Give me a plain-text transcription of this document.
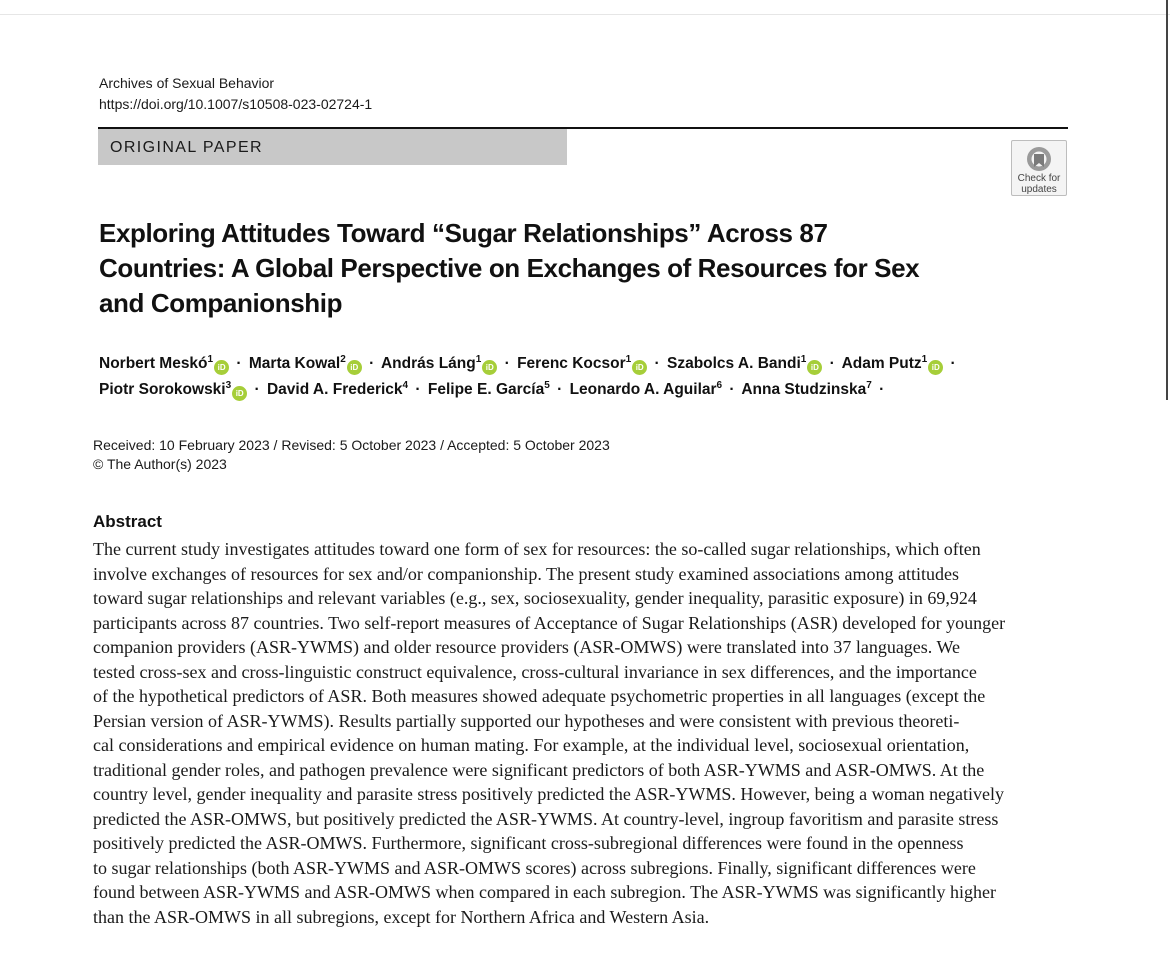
Archives of Sexual Behavior
https://doi.org/10.1007/s10508-023-02724-1
ORIGINAL PAPER
Check for
updates
Exploring Attitudes Toward “Sugar Relationships” Across 87
Countries: A Global Perspective on Exchanges of Resources for Sex
and Companionship
Norbert Meskó$^1$iD · Marta Kowal$^2$iD · András Láng$^1$iD · Ferenc Kocsor$^1$iD · Szabolcs A. Bandi$^1$iD · Adam Putz$^1$iD ·
Piotr Sorokowski$^3$iD · David A. Frederick$^4$ · Felipe E. García$^5$ · Leonardo A. Aguilar$^6$ · Anna Studzinska$^7$ ·
Received: 10 February 2023 / Revised: 5 October 2023 / Accepted: 5 October 2023
© The Author(s) 2023
Abstract
The current study investigates attitudes toward one form of sex for resources: the so-called sugar relationships, which often
involve exchanges of resources for sex and/or companionship. The present study examined associations among attitudes
toward sugar relationships and relevant variables (e.g., sex, sociosexuality, gender inequality, parasitic exposure) in 69,924
participants across 87 countries. Two self-report measures of Acceptance of Sugar Relationships (ASR) developed for younger
companion providers (ASR-YWMS) and older resource providers (ASR-OMWS) were translated into 37 languages. We
tested cross-sex and cross-linguistic construct equivalence, cross-cultural invariance in sex differences, and the importance
of the hypothetical predictors of ASR. Both measures showed adequate psychometric properties in all languages (except the
Persian version of ASR-YWMS). Results partially supported our hypotheses and were consistent with previous theoreti-
cal considerations and empirical evidence on human mating. For example, at the individual level, sociosexual orientation,
traditional gender roles, and pathogen prevalence were significant predictors of both ASR-YWMS and ASR-OMWS. At the
country level, gender inequality and parasite stress positively predicted the ASR-YWMS. However, being a woman negatively
predicted the ASR-OMWS, but positively predicted the ASR-YWMS. At country-level, ingroup favoritism and parasite stress
positively predicted the ASR-OMWS. Furthermore, significant cross-subregional differences were found in the openness
to sugar relationships (both ASR-YWMS and ASR-OMWS scores) across subregions. Finally, significant differences were
found between ASR-YWMS and ASR-OMWS when compared in each subregion. The ASR-YWMS was significantly higher
than the ASR-OMWS in all subregions, except for Northern Africa and Western Asia.
